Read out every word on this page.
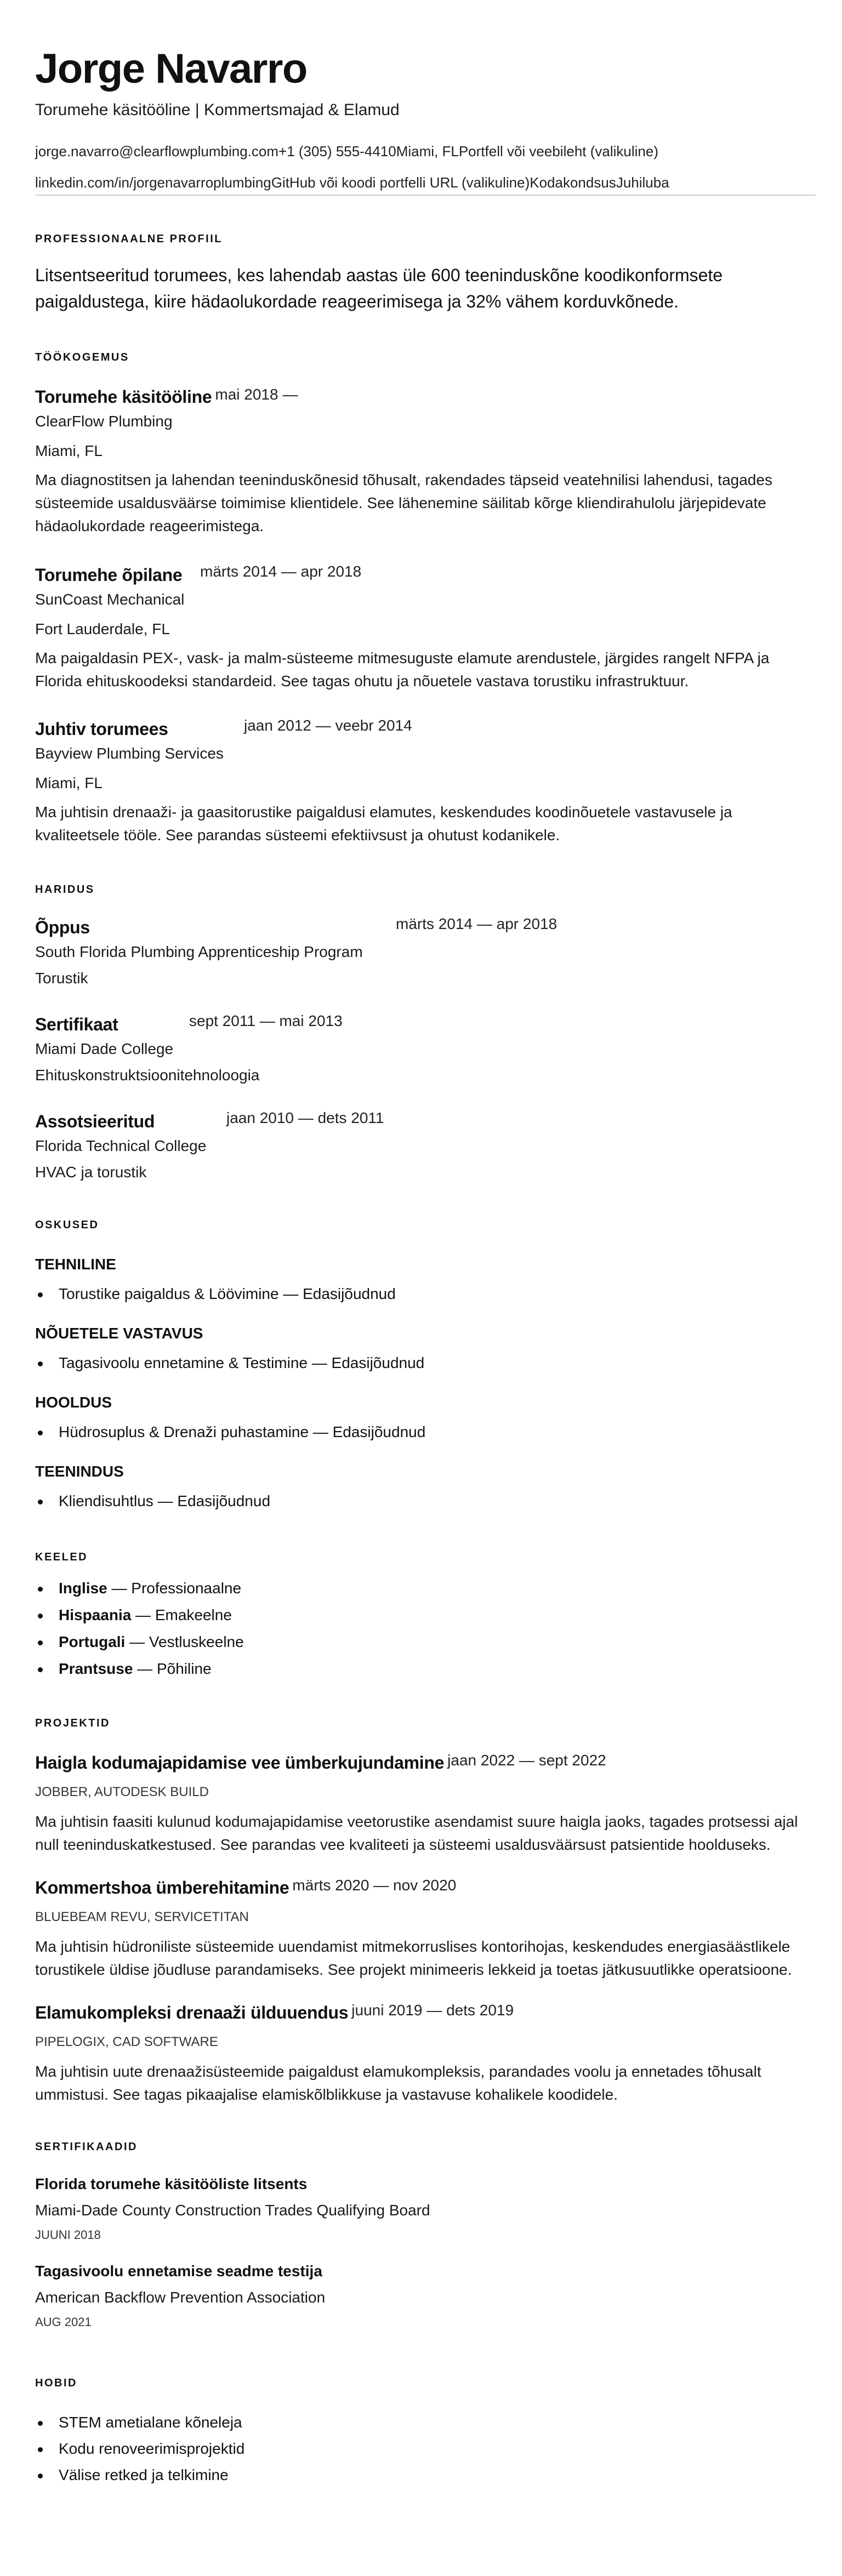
Jorge Navarro
Torumehe käsitööline | Kommertsmajad & Elamud
jorge.navarro@clearflowplumbing.com +1 (305) 555-4410 Miami, FL Portfell või veebileht (valikuline)
linkedin.com/in/jorgenavarroplumbing GitHub või koodi portfelli URL (valikuline) Kodakondsus Juhiluba
PROFESSIONAALNE PROFIIL
Litsentseeritud torumees, kes lahendab aastas üle 600 teeninduskõne koodikonformsete paigaldustega, kiire hädaolukordade reageerimisega ja 32% vähem korduvkõnede.
TÖÖKOGEMUS
Torumehe käsitööline mai 2018 —
ClearFlow Plumbing
Miami, FL
Ma diagnostitsen ja lahendan teeninduskõnesid tõhusalt, rakendades täpseid veatehnilisi lahendusi, tagades süsteemide usaldusväärse toimimise klientidele. See lähenemine säilitab kõrge kliendirahulolu järjepidevate hädaolukordade reageerimistega.
Torumehe õpilane märts 2014 — apr 2018
SunCoast Mechanical
Fort Lauderdale, FL
Ma paigaldasin PEX-, vask- ja malm-süsteeme mitmesuguste elamute arendustele, järgides rangelt NFPA ja Florida ehituskoodeksi standardeid. See tagas ohutu ja nõuetele vastava torustiku infrastruktuur.
Juhtiv torumees	jaan 2012 — veebr 2014
Bayview Plumbing Services
Miami, FL
Ma juhtisin drenaaži- ja gaasitorustike paigaldusi elamutes, keskendudes koodinõuetele vastavusele ja kvaliteetsele tööle. See parandas süsteemi efektiivsust ja ohutust kodanikele.
HARIDUS
Õppus	märts 2014 — apr 2018
South Florida Plumbing Apprenticeship Program
Torustik
Sertifikaat	sept 2011 — mai 2013
Miami Dade College
Ehituskonstruktsioonitehnoloogia
Assotsieeritud	jaan 2010 — dets 2011
Florida Technical College
HVAC ja torustik
OSKUSED
TEHNILINE
Torustike paigaldus & Löövimine — Edasijõudnud
NÕUETELE VASTAVUS
Tagasivoolu ennetamine & Testimine — Edasijõudnud
HOOLDUS
Hüdrosuplus & Drenaži puhastamine — Edasijõudnud
TEENINDUS
Kliendisuhtlus — Edasijõudnud
KEELED
Inglise — Professionaalne
Hispaania — Emakeelne
Portugali — Vestluskeelne
Prantsuse — Põhiline
PROJEKTID
Haigla kodumajapidamise vee ümberkujundamine jaan 2022 — sept 2022
JOBBER, AUTODESK BUILD
Ma juhtisin faasiti kulunud kodumajapidamise veetorustike asendamist suure haigla jaoks, tagades protsessi ajal null teeninduskatkestused. See parandas vee kvaliteeti ja süsteemi usaldusväärsust patsientide hoolduseks.
Kommertshoa ümberehitamine märts 2020 — nov 2020
BLUEBEAM REVU, SERVICETITAN
Ma juhtisin hüdroniliste süsteemide uuendamist mitmekorruslises kontorihojas, keskendudes energiasäästlikele torustikele üldise jõudluse parandamiseks. See projekt minimeeris lekkeid ja toetas jätkusuutlikke operatsioone.
Elamukompleksi drenaaži ülduuendus juuni 2019 — dets 2019
PIPELOGIX, CAD SOFTWARE
Ma juhtisin uute drenaažisüsteemide paigaldust elamukompleksis, parandades voolu ja ennetades tõhusalt ummistusi. See tagas pikaajalise elamiskõlblikkuse ja vastavuse kohalikele koodidele.
SERTIFIKAADID
Florida torumehe käsitööliste litsents
Miami-Dade County Construction Trades Qualifying Board
JUUNI 2018
Tagasivoolu ennetamise seadme testija
American Backflow Prevention Association
AUG 2021
HOBID
STEM ametialane kõneleja
Kodu renoveerimisprojektid
Välise retked ja telkimine
